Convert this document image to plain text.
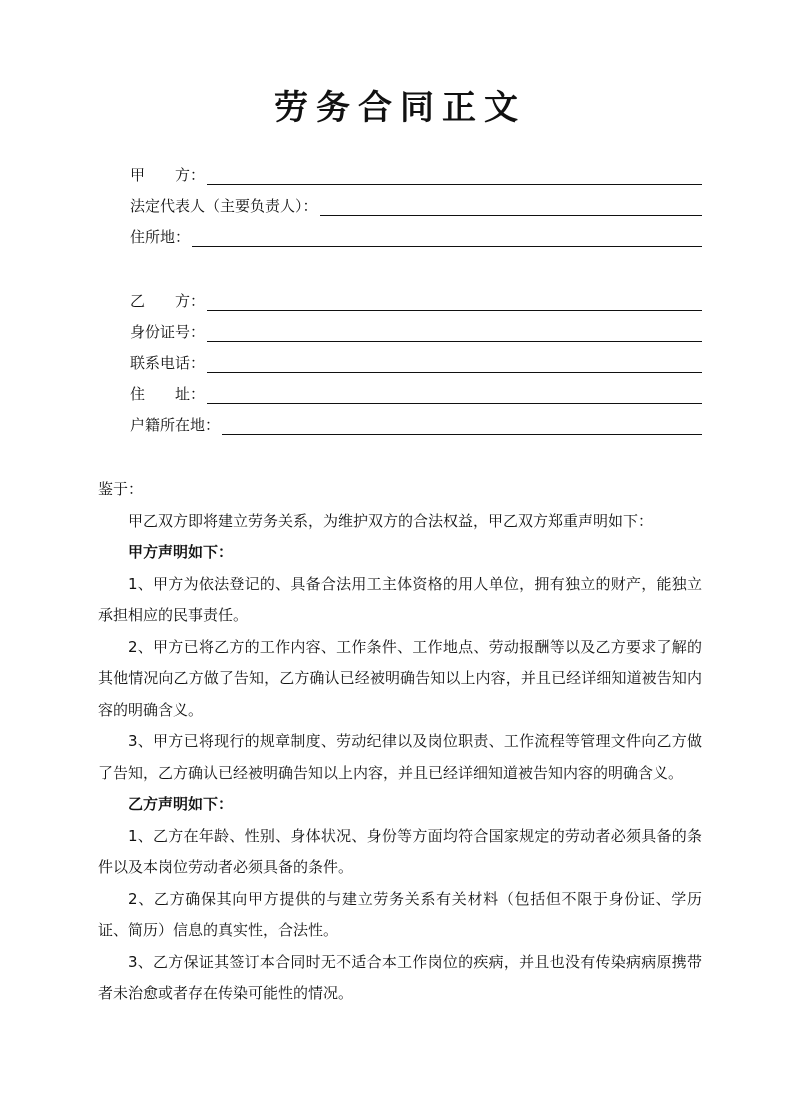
劳务合同正文
甲　　方：
法定代表人（主要负责人）：
住所地：
乙　　方：
身份证号：
联系电话：
住　　址：
户籍所在地：

鉴于：

甲乙双方即将建立劳务关系，为维护双方的合法权益，甲乙双方郑重声明如下：

甲方声明如下：

1、甲方为依法登记的、具备合法用工主体资格的用人单位，拥有独立的财产，能独立承担相应的民事责任。

2、甲方已将乙方的工作内容、工作条件、工作地点、劳动报酬等以及乙方要求了解的其他情况向乙方做了告知，乙方确认已经被明确告知以上内容，并且已经详细知道被告知内容的明确含义。

3、甲方已将现行的规章制度、劳动纪律以及岗位职责、工作流程等管理文件向乙方做了告知，乙方确认已经被明确告知以上内容，并且已经详细知道被告知内容的明确含义。

乙方声明如下：

1、乙方在年龄、性别、身体状况、身份等方面均符合国家规定的劳动者必须具备的条件以及本岗位劳动者必须具备的条件。

2、乙方确保其向甲方提供的与建立劳务关系有关材料（包括但不限于身份证、学历证、简历）信息的真实性，合法性。

3、乙方保证其签订本合同时无不适合本工作岗位的疾病，并且也没有传染病病原携带者未治愈或者存在传染可能性的情况。
